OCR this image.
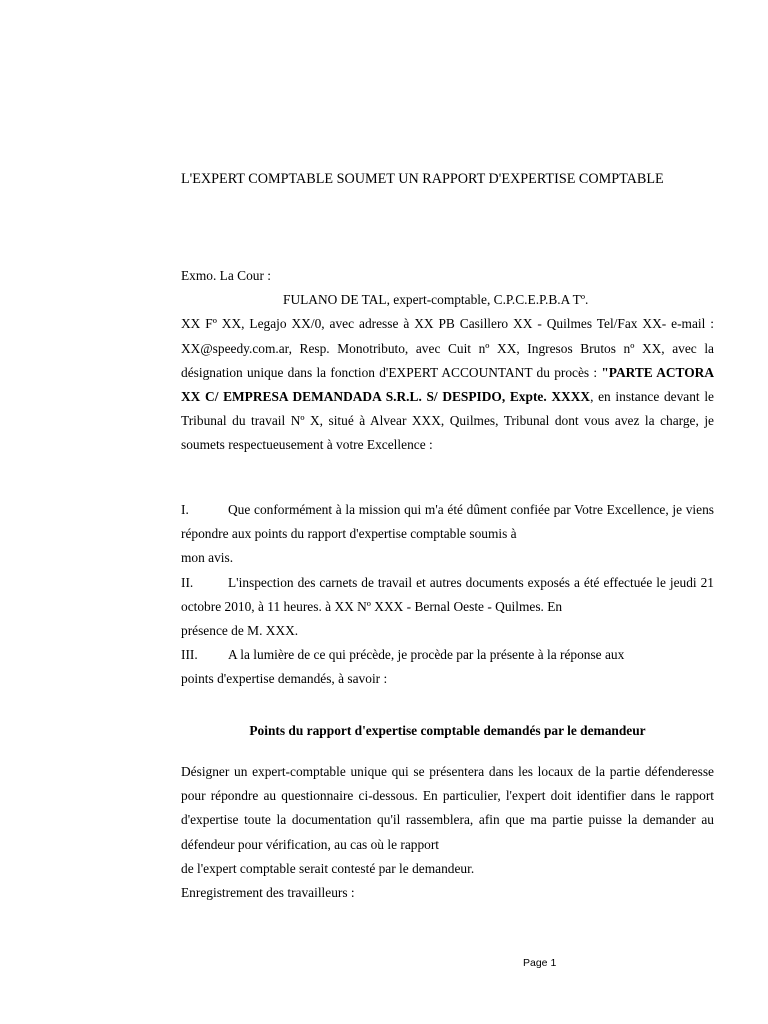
L'EXPERT COMPTABLE SOUMET UN RAPPORT D'EXPERTISE COMPTABLE
Exmo. La Cour :
FULANO DE TAL, expert-comptable, C.P.C.E.P.B.A Tº.
XX Fº XX, Legajo XX/0, avec adresse à XX PB Casillero XX - Quilmes Tel/Fax XX- e-mail : XX@speedy.com.ar, Resp. Monotributo, avec Cuit nº XX, Ingresos Brutos nº XX, avec la désignation unique dans la fonction d'EXPERT ACCOUNTANT du procès : "PARTE ACTORA XX C/ EMPRESA DEMANDADA S.R.L. S/ DESPIDO, Expte. XXXX, en instance devant le Tribunal du travail Nº X, situé à Alvear XXX, Quilmes, Tribunal dont vous avez la charge, je soumets respectueusement à votre Excellence :
I.	Que conformément à la mission qui m'a été dûment confiée par Votre Excellence, je viens répondre aux points du rapport d'expertise comptable soumis à
mon avis.
II.	L'inspection des carnets de travail et autres documents exposés a été effectuée le jeudi 21 octobre 2010, à 11 heures. à XX Nº XXX - Bernal Oeste - Quilmes. En
présence de M. XXX.
III. A la lumière de ce qui précède, je procède par la présente à la réponse aux
points d'expertise demandés, à savoir :
Points du rapport d'expertise comptable demandés par le demandeur
Désigner un expert-comptable unique qui se présentera dans les locaux de la partie défenderesse pour répondre au questionnaire ci-dessous. En particulier, l'expert doit identifier dans le rapport d'expertise toute la documentation qu'il rassemblera, afin que ma partie puisse la demander au défendeur pour vérification, au cas où le rapport
de l'expert comptable serait contesté par le demandeur.
Enregistrement des travailleurs :
Page 1
